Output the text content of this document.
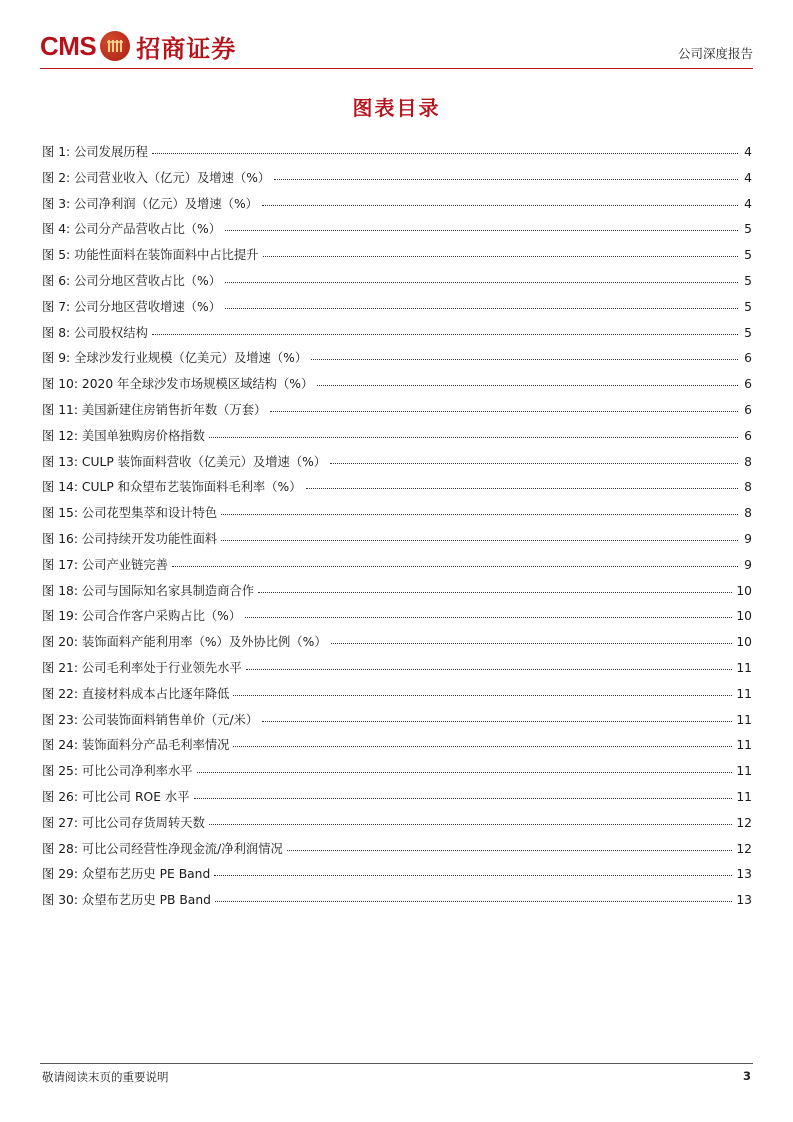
CMS 招商证券	公司深度报告
图表目录
图 1: 公司发展历程	4
图 2: 公司营业收入（亿元）及增速（%）	4
图 3: 公司净利润（亿元）及增速（%）	4
图 4: 公司分产品营收占比（%）	5
图 5: 功能性面料在装饰面料中占比提升	5
图 6: 公司分地区营收占比（%）	5
图 7: 公司分地区营收增速（%）	5
图 8: 公司股权结构	5
图 9: 全球沙发行业规模（亿美元）及增速（%）	6
图 10: 2020 年全球沙发市场规模区域结构（%）	6
图 11: 美国新建住房销售折年数（万套）	6
图 12: 美国单独购房价格指数	6
图 13: CULP 装饰面料营收（亿美元）及增速（%）	8
图 14: CULP 和众望布艺装饰面料毛利率（%）	8
图 15: 公司花型集萃和设计特色	8
图 16: 公司持续开发功能性面料	9
图 17: 公司产业链完善	9
图 18: 公司与国际知名家具制造商合作	10
图 19: 公司合作客户采购占比（%）	10
图 20: 装饰面料产能利用率（%）及外协比例（%）	10
图 21: 公司毛利率处于行业领先水平	11
图 22: 直接材料成本占比逐年降低	11
图 23: 公司装饰面料销售单价（元/米）	11
图 24: 装饰面料分产品毛利率情况	11
图 25: 可比公司净利率水平	11
图 26: 可比公司 ROE 水平	11
图 27: 可比公司存货周转天数	12
图 28: 可比公司经营性净现金流/净利润情况	12
图 29: 众望布艺历史 PE Band	13
图 30: 众望布艺历史 PB Band	13
敬请阅读末页的重要说明	3
